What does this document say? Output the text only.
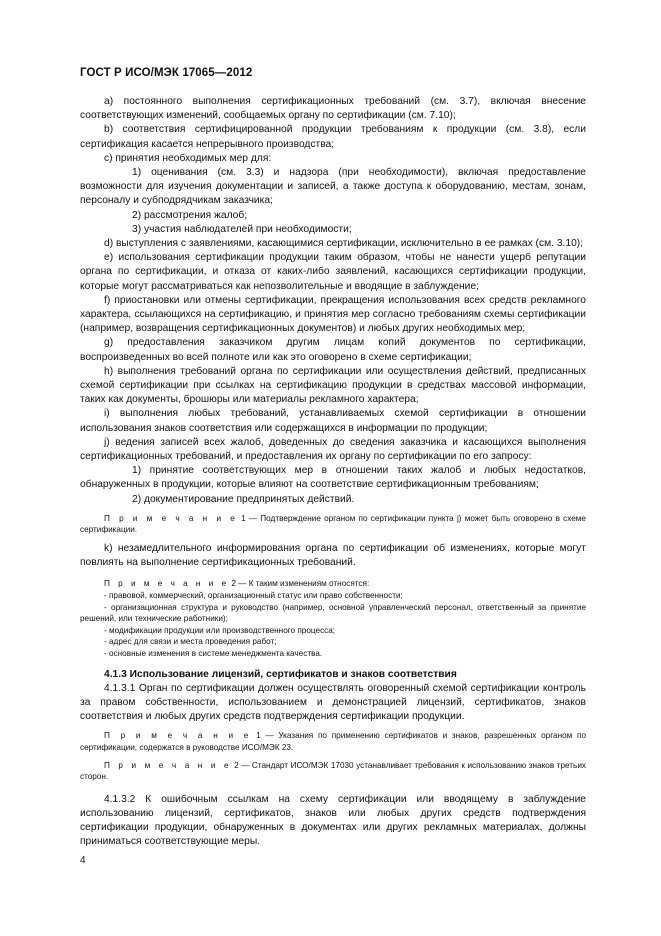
ГОСТ Р ИСО/МЭК 17065—2012

a) постоянного выполнения сертификационных требований (см. 3.7), включая внесение соответствующих изменений, сообщаемых органу по сертификации (см. 7.10);

b) соответствия сертифицированной продукции требованиям к продукции (см. 3.8), если сертификация касается непрерывного производства;

c) принятия необходимых мер для:

1) оценивания (см. 3.3) и надзора (при необходимости), включая предоставление возможности для изучения документации и записей, а также доступа к оборудованию, местам, зонам, персоналу и субподрядчикам заказчика;

2) рассмотрения жалоб;

3) участия наблюдателей при необходимости;

d) выступления с заявлениями, касающимися сертификации, исключительно в ее рамках (см. 3.10);

e) использования сертификации продукции таким образом, чтобы не нанести ущерб репутации органа по сертификации, и отказа от каких-либо заявлений, касающихся сертификации продукции, которые могут рассматриваться как непозволительные и вводящие в заблуждение;

f) приостановки или отмены сертификации, прекращения использования всех средств рекламного характера, ссылающихся на сертификацию, и принятия мер согласно требованиям схемы сертификации (например, возвращения сертификационных документов) и любых других необходимых мер;

g) предоставления заказчиком другим лицам копий документов по сертификации, воспроизведенных во всей полноте или как это оговорено в схеме сертификации;

h) выполнения требований органа по сертификации или осуществления действий, предписанных схемой сертификации при ссылках на сертификацию продукции в средствах массовой информации, таких как документы, брошюры или материалы рекламного характера;

i) выполнения любых требований, устанавливаемых схемой сертификации в отношении использования знаков соответствия или содержащихся в информации по продукции;

j) ведения записей всех жалоб, доведенных до сведения заказчика и касающихся выполнения сертификационных требований, и предоставления их органу по сертификации по его запросу:

1) принятие соответствующих мер в отношении таких жалоб и любых недостатков, обнаруженных в продукции, которые влияют на соответствие сертификационным требованиям;

2) документирование предпринятых действий.

П р и м е ч а н и е 1 — Подтверждение органом по сертификации пункта j) может быть оговорено в схеме сертификации.

k) незамедлительного информирования органа по сертификации об изменениях, которые могут повлиять на выполнение сертификационных требований.

П р и м е ч а н и е 2 — К таким изменениям относятся:

- правовой, коммерческий, организационный статус или право собственности;

- организационная структура и руководство (например, основной управленческий персонал, ответственный за принятие решений, или технические работники);

- модификации продукции или производственного процесса;

- адрес для связи и места проведения работ;

- основные изменения в системе менеджмента качества.

4.1.3 Использование лицензий, сертификатов и знаков соответствия

4.1.3.1 Орган по сертификации должен осуществлять оговоренный схемой сертификации контроль за правом собственности, использованием и демонстрацией лицензий, сертификатов, знаков соответствия и любых других средств подтверждения сертификации продукции.

П р и м е ч а н и е 1 — Указания по применению сертификатов и знаков, разрешенных органом по сертификации, содержатся в руководстве ИСО/МЭК 23.

П р и м е ч а н и е 2 — Стандарт ИСО/МЭК 17030 устанавливает требования к использованию знаков третьих сторон.

4.1.3.2 К ошибочным ссылкам на схему сертификации или вводящему в заблуждение использованию лицензий, сертификатов, знаков или любых других средств подтверждения сертификации продукции, обнаруженных в документах или других рекламных материалах, должны приниматься соответствующие меры.

4
